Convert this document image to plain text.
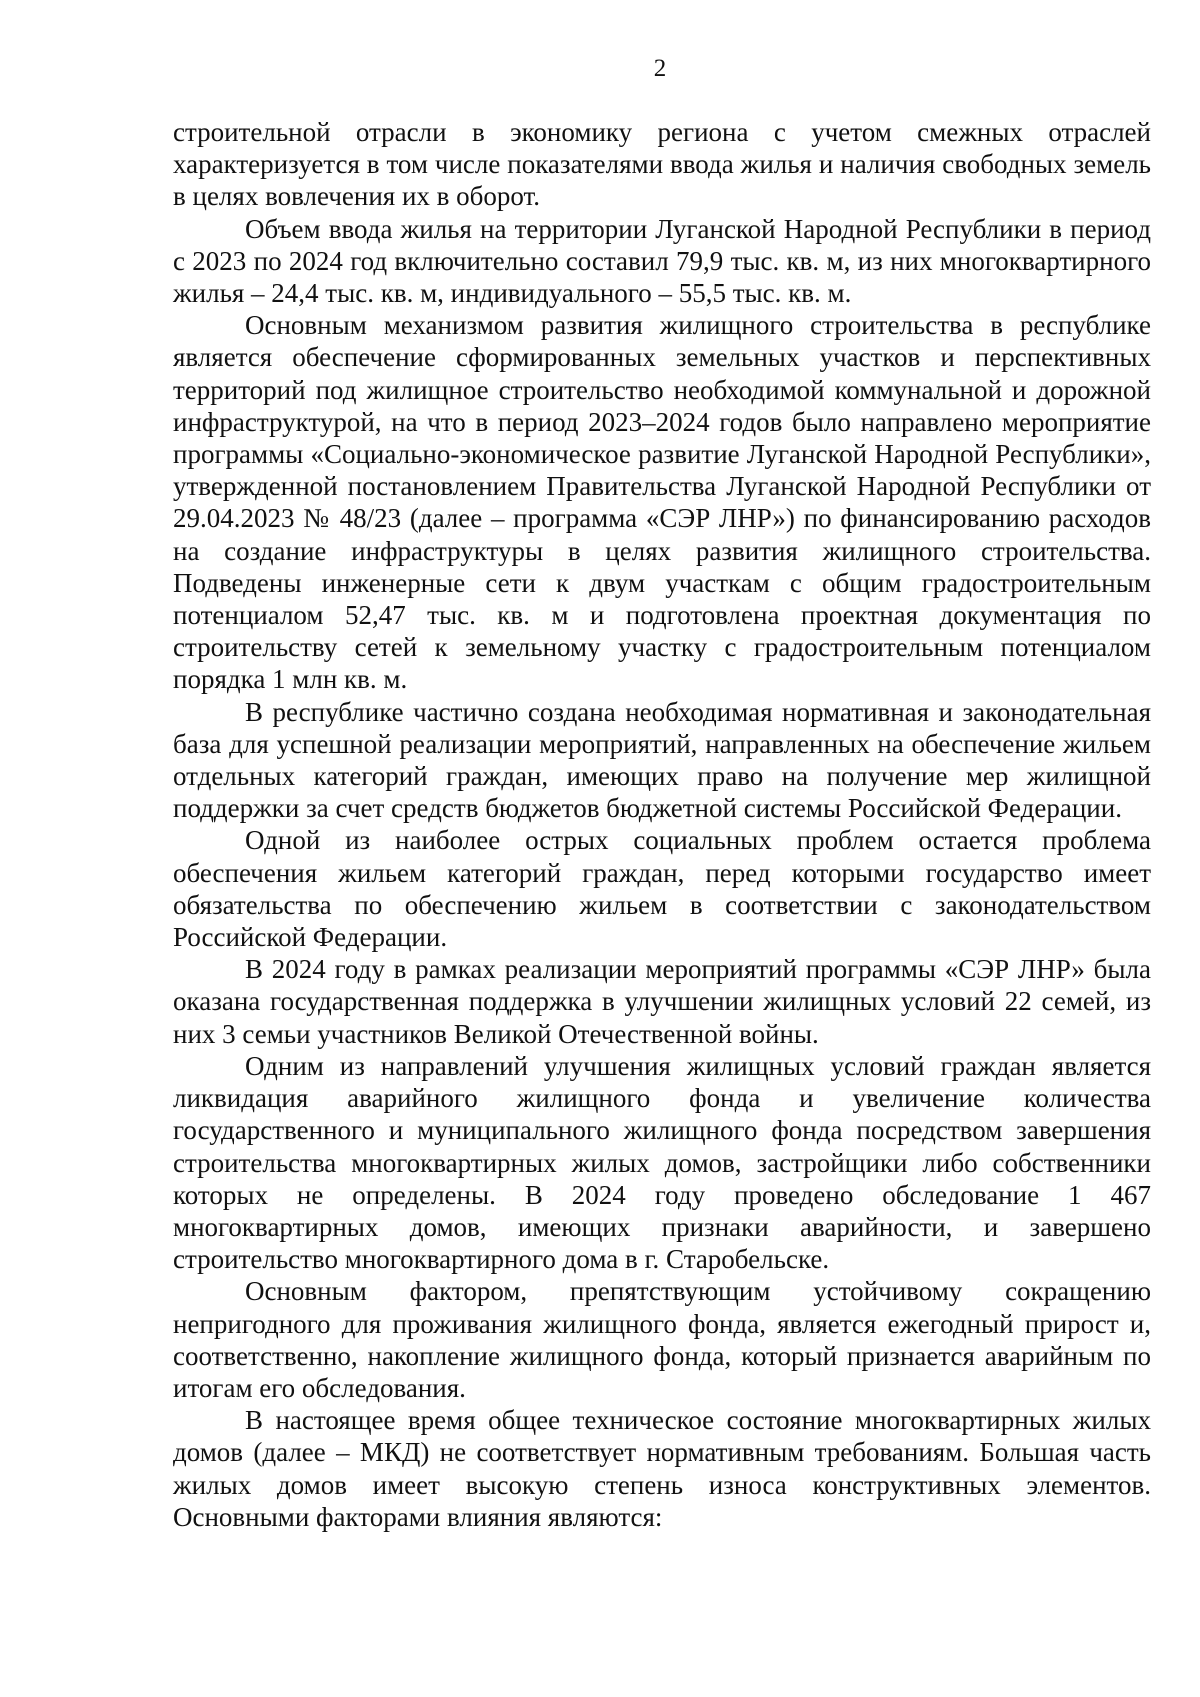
2

строительной отрасли в экономику региона с учетом смежных отраслей характеризуется в том числе показателями ввода жилья и наличия свободных земель в целях вовлечения их в оборот.

Объем ввода жилья на территории Луганской Народной Республики в период с 2023 по 2024 год включительно составил 79,9 тыс. кв. м, из них многоквартирного жилья – 24,4 тыс. кв. м, индивидуального – 55,5 тыс. кв. м.

Основным механизмом развития жилищного строительства в республике является обеспечение сформированных земельных участков и перспективных территорий под жилищное строительство необходимой коммунальной и дорожной инфраструктурой, на что в период 2023–2024 годов было направлено мероприятие программы «Социально-экономическое развитие Луганской Народной Республики», утвержденной постановлением Правительства Луганской Народной Республики от 29.04.2023 № 48/23 (далее – программа «СЭР ЛНР») по финансированию расходов на создание инфраструктуры в целях развития жилищного строительства. Подведены инженерные сети к двум участкам с общим градостроительным потенциалом 52,47 тыс. кв. м и подготовлена проектная документация по строительству сетей к земельному участку с градостроительным потенциалом порядка 1 млн кв. м.

В республике частично создана необходимая нормативная и законодательная база для успешной реализации мероприятий, направленных на обеспечение жильем отдельных категорий граждан, имеющих право на получение мер жилищной поддержки за счет средств бюджетов бюджетной системы Российской Федерации.

Одной из наиболее острых социальных проблем остается проблема обеспечения жильем категорий граждан, перед которыми государство имеет обязательства по обеспечению жильем в соответствии с законодательством Российской Федерации.

В 2024 году в рамках реализации мероприятий программы «СЭР ЛНР» была оказана государственная поддержка в улучшении жилищных условий 22 семей, из них 3 семьи участников Великой Отечественной войны.

Одним из направлений улучшения жилищных условий граждан является ликвидация аварийного жилищного фонда и увеличение количества государственного и муниципального жилищного фонда посредством завершения строительства многоквартирных жилых домов, застройщики либо собственники которых не определены. В 2024 году проведено обследование 1 467 многоквартирных домов, имеющих признаки аварийности, и завершено строительство многоквартирного дома в г. Старобельске.

Основным фактором, препятствующим устойчивому сокращению непригодного для проживания жилищного фонда, является ежегодный прирост и, соответственно, накопление жилищного фонда, который признается аварийным по итогам его обследования.

В настоящее время общее техническое состояние многоквартирных жилых домов (далее – МКД) не соответствует нормативным требованиям. Большая часть жилых домов имеет высокую степень износа конструктивных элементов. Основными факторами влияния являются:
